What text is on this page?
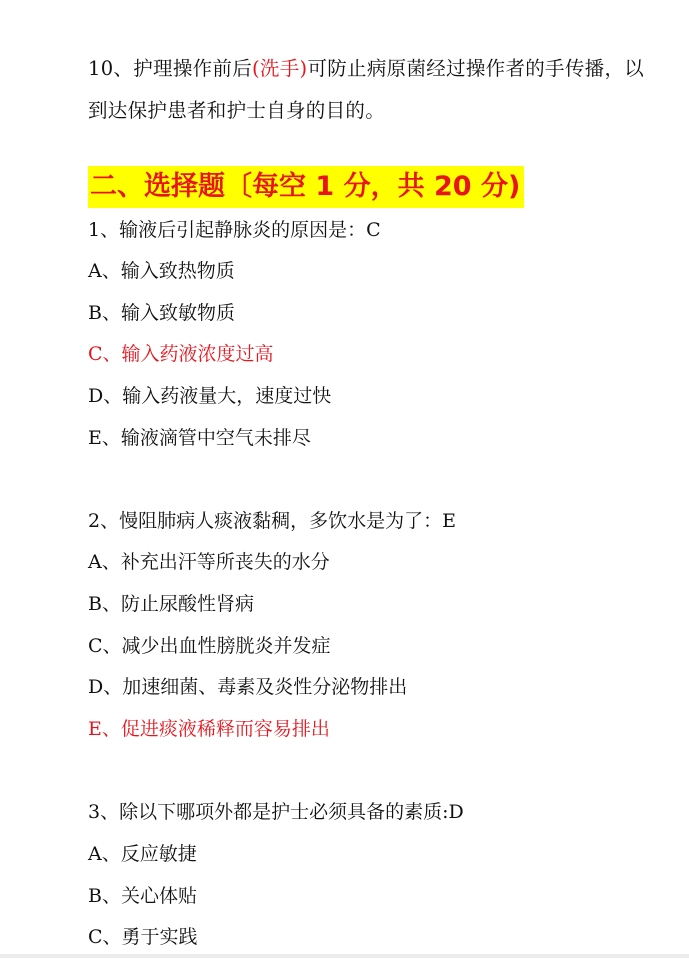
10、护理操作前后(洗手)可防止病原菌经过操作者的手传播，以到达保护患者和护士自身的目的。
二、选择题〔每空 1 分，共 20 分)
1、输液后引起静脉炎的原因是：C
A、输入致热物质
B、输入致敏物质
C、输入药液浓度过高
D、输入药液量大，速度过快
E、输液滴管中空气未排尽
2、慢阻肺病人痰液黏稠，多饮水是为了：E
A、补充出汗等所丧失的水分
B、防止尿酸性肾病
C、减少出血性膀胱炎并发症
D、加速细菌、毒素及炎性分泌物排出
E、促进痰液稀释而容易排出
3、除以下哪项外都是护士必须具备的素质:D
A、反应敏捷
B、关心体贴
C、勇于实践
